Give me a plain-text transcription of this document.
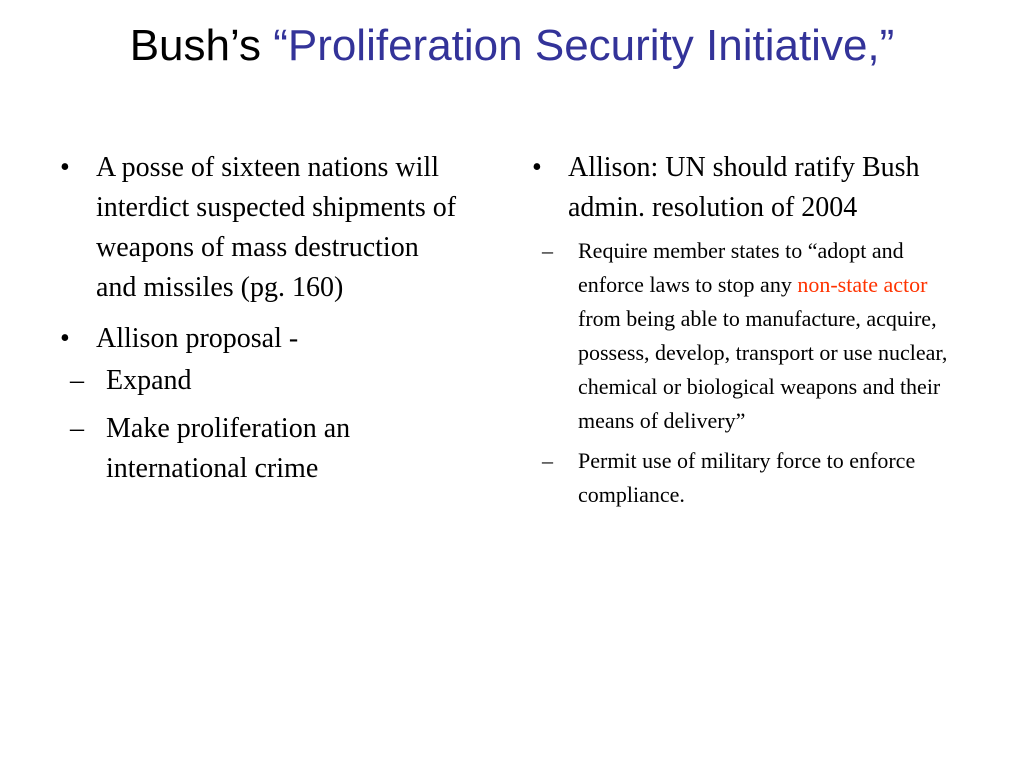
Bush’s “Proliferation Security Initiative,”
• A posse of sixteen nations will interdict suspected shipments of weapons of mass destruction and missiles (pg. 160)
• Allison proposal -
– Expand
– Make proliferation an international crime
• Allison: UN should ratify Bush admin. resolution of 2004
– Require member states to “adopt and enforce laws to stop any non-state actor from being able to manufacture, acquire, possess, develop, transport or use nuclear, chemical or biological weapons and their means of delivery”
– Permit use of military force to enforce compliance.
